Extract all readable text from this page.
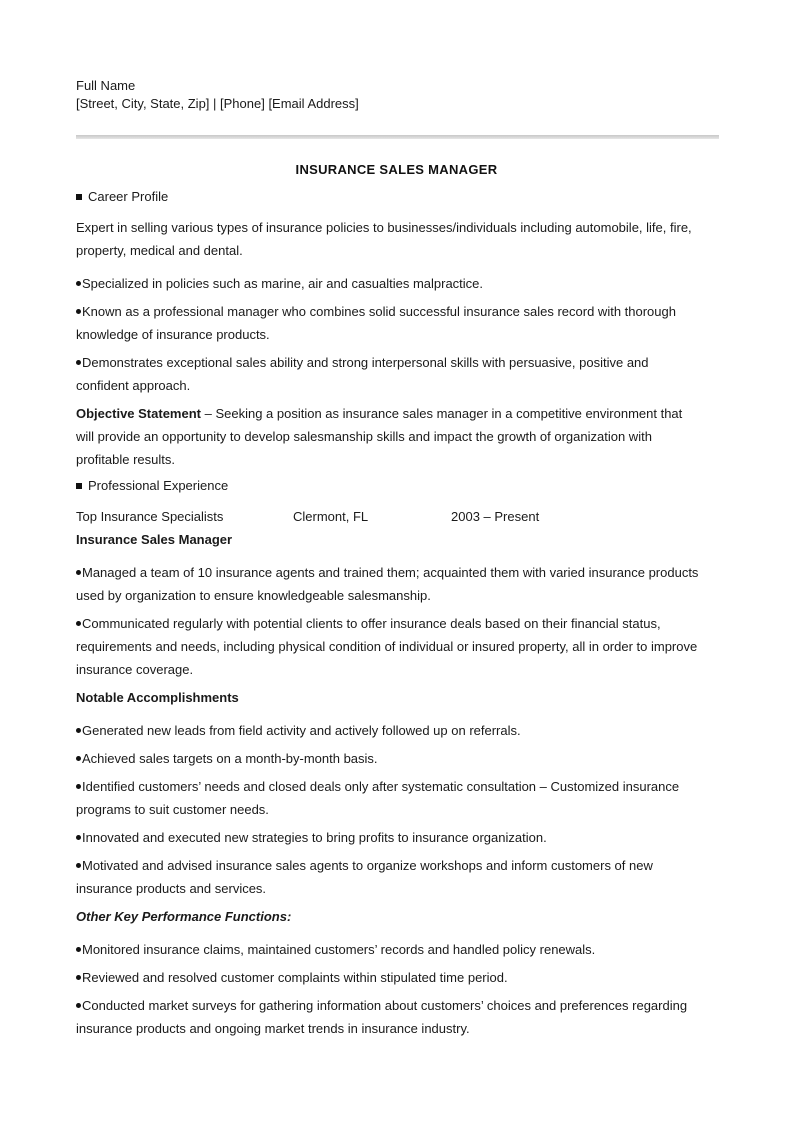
Full Name
[Street, City, State, Zip] | [Phone] [Email Address]
INSURANCE SALES MANAGER
Career Profile
Expert in selling various types of insurance policies to businesses/individuals including automobile, life, fire,
property, medical and dental.
Specialized in policies such as marine, air and casualties malpractice.
Known as a professional manager who combines solid successful insurance sales record with thorough
knowledge of insurance products.
Demonstrates exceptional sales ability and strong interpersonal skills with persuasive, positive and
confident approach.
Objective Statement – Seeking a position as insurance sales manager in a competitive environment that
will provide an opportunity to develop salesmanship skills and impact the growth of organization with
profitable results.
Professional Experience
Top Insurance Specialists	Clermont, FL	2003 – Present
Insurance Sales Manager
Managed a team of 10 insurance agents and trained them; acquainted them with varied insurance products
used by organization to ensure knowledgeable salesmanship.
Communicated regularly with potential clients to offer insurance deals based on their financial status,
requirements and needs, including physical condition of individual or insured property, all in order to improve
insurance coverage.
Notable Accomplishments
Generated new leads from field activity and actively followed up on referrals.
Achieved sales targets on a month-by-month basis.
Identified customers’ needs and closed deals only after systematic consultation – Customized insurance
programs to suit customer needs.
Innovated and executed new strategies to bring profits to insurance organization.
Motivated and advised insurance sales agents to organize workshops and inform customers of new
insurance products and services.
Other Key Performance Functions:
Monitored insurance claims, maintained customers’ records and handled policy renewals.
Reviewed and resolved customer complaints within stipulated time period.
Conducted market surveys for gathering information about customers’ choices and preferences regarding
insurance products and ongoing market trends in insurance industry.
